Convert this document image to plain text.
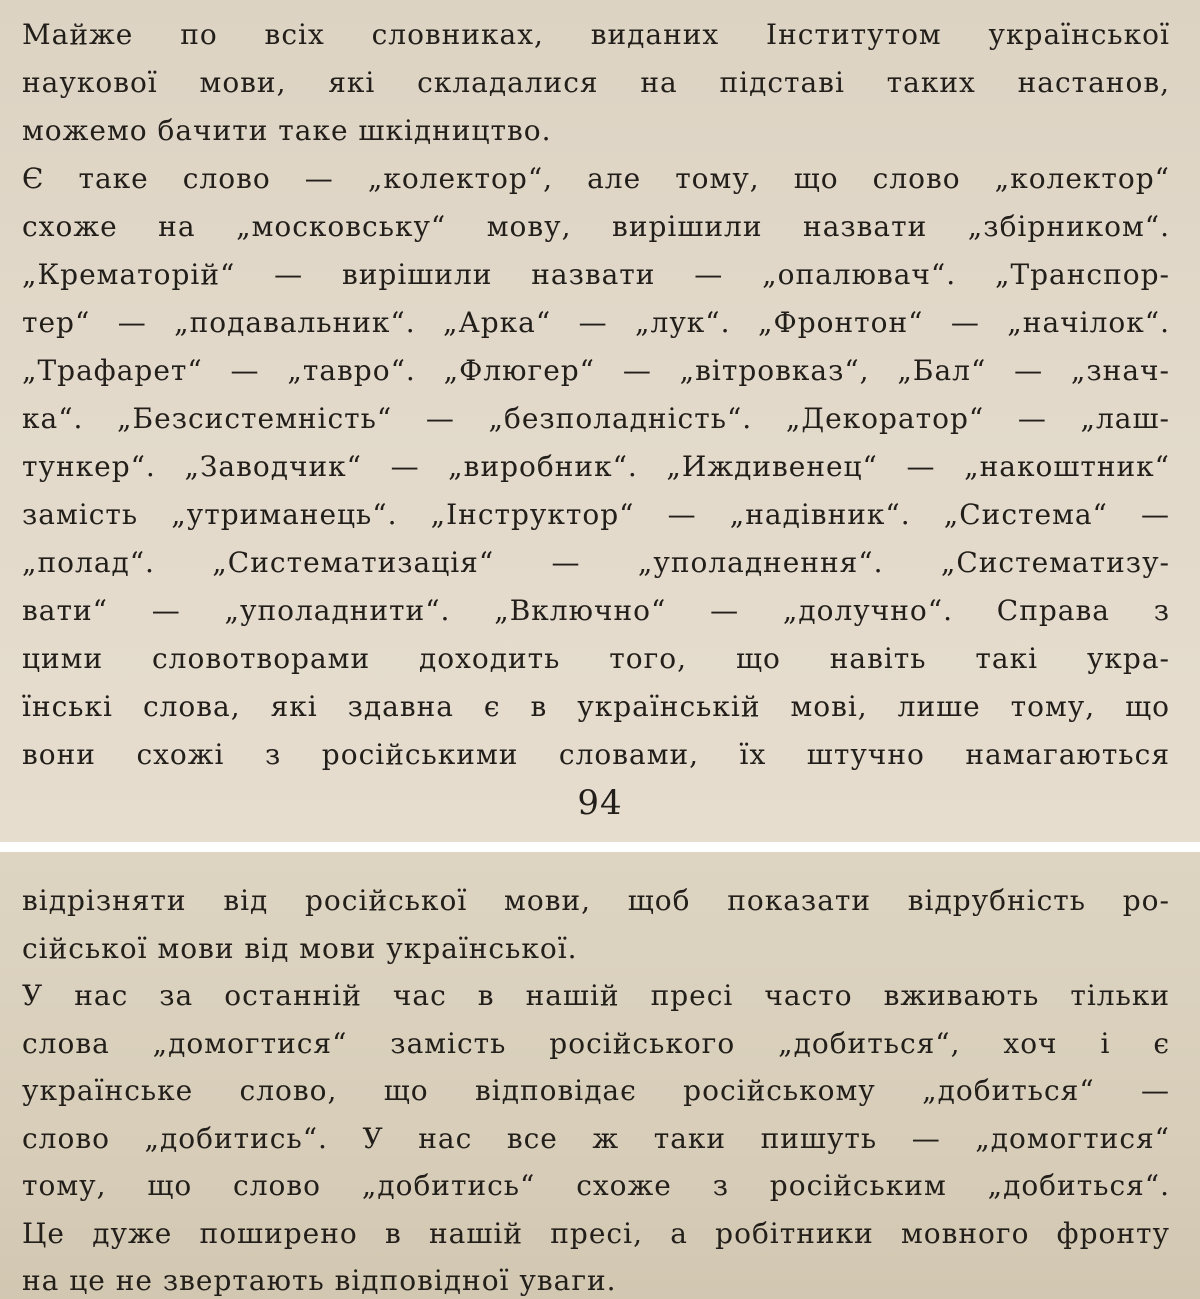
Майже по всіх словниках, виданих Інститутом української
наукової мови, які складалися на підставі таких настанов,
можемо бачити таке шкідництво.
Є таке слово — „колектор“, але тому, що слово „колектор“
схоже на „московську“ мову, вирішили назвати „збірником“.
„Крематорій“ — вирішили назвати — „опалювач“. „Транспор-
тер“ — „подавальник“. „Арка“ — „лук“. „Фронтон“ — „начілок“.
„Трафарет“ — „тавро“. „Флюгер“ — „вітровказ“, „Бал“ — „знач-
ка“. „Безсистемність“ — „безполадність“. „Декоратор“ — „лаш-
тункер“. „Заводчик“ — „виробник“. „Иждивенец“ — „накоштник“
замість „утриманець“. „Інструктор“ — „надівник“. „Система“ —
„полад“. „Систематизація“ — „уполаднення“. „Систематизу-
вати“ — „уполаднити“. „Включно“ — „долучно“. Справа з
цими словотворами доходить того, що навіть такі укра-
їнські слова, які здавна є в українській мові, лише тому, що
вони схожі з російськими словами, їх штучно намагаються
94
відрізняти від російської мови, щоб показати відрубність ро-
сійської мови від мови української.
У нас за останній час в нашій пресі часто вживають тільки
слова „домогтися“ замість російського „добиться“, хоч і є
українське слово, що відповідає російському „добиться“ —
слово „добитись“. У нас все ж таки пишуть — „домогтися“
тому, що слово „добитись“ схоже з російським „добиться“.
Це дуже поширено в нашій пресі, а робітники мовного фронту
на це не звертають відповідної уваги.
